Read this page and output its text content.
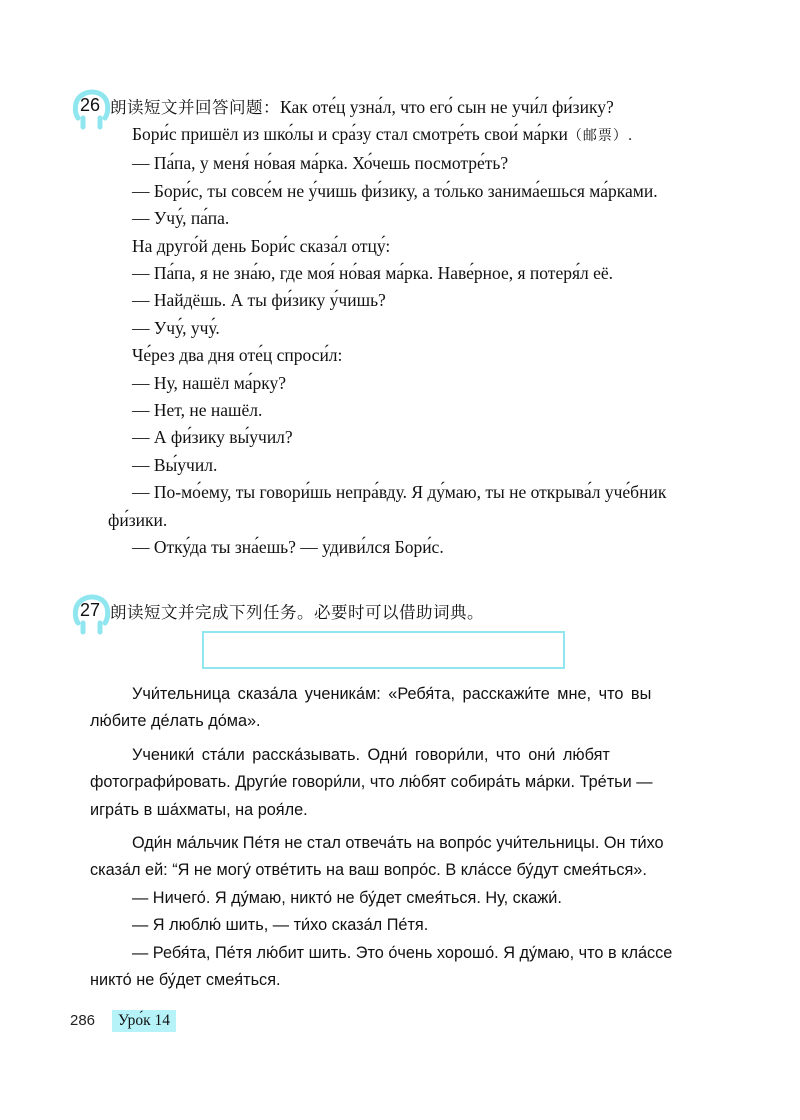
26 朗读短文并回答问题：Как оте́ц узна́л, что его́ сын не учи́л фи́зику?
Бори́с пришёл из шко́лы и сра́зу стал смотре́ть свои́ ма́рки（邮票）.
— Па́па, у меня́ но́вая ма́рка. Хо́чешь посмотре́ть?
— Бори́с, ты совсе́м не у́чишь фи́зику, а то́лько занима́ешься ма́рками.
— Учу́, па́па.
На друго́й день Бори́с сказа́л отцу́:
— Па́па, я не зна́ю, где моя́ но́вая ма́рка. Наве́рное, я потеря́л её.
— Найдёшь. А ты фи́зику у́чишь?
— Учу́, учу́.
Че́рез два дня оте́ц спроси́л:
— Ну, нашёл ма́рку?
— Нет, не нашёл.
— А фи́зику вы́учил?
— Вы́учил.
— По-мо́ему, ты говори́шь непра́вду. Я ду́маю, ты не открыва́л уче́бник
фи́зики.
— Отку́да ты зна́ешь? — удиви́лся Бори́с.
27 朗读短文并完成下列任务。必要时可以借助词典。
Учи́тельница сказа́ла ученика́м: «Ребя́та, расскажи́те мне, что вы
лю́бите де́лать до́ма».
Ученики́ ста́ли расска́зывать. Одни́ говори́ли, что они́ лю́бят
фотографи́ровать. Други́е говори́ли, что лю́бят собира́ть ма́рки. Тре́тьи —
игра́ть в ша́хматы, на роя́ле.
Оди́н ма́льчик Пе́тя не стал отвеча́ть на вопро́с учи́тельницы. Он ти́хо
сказа́л ей: “Я не могу́ отве́тить на ваш вопро́с. В кла́ссе бу́дут смея́ться».
— Ничего́. Я ду́маю, никто́ не бу́дет смея́ться. Ну, скажи́.
— Я люблю́ шить, — ти́хо сказа́л Пе́тя.
— Ребя́та, Пе́тя лю́бит шить. Это о́чень хорошо́. Я ду́маю, что в кла́ссе
никто́ не бу́дет смея́ться.
286	Уро́к 14
